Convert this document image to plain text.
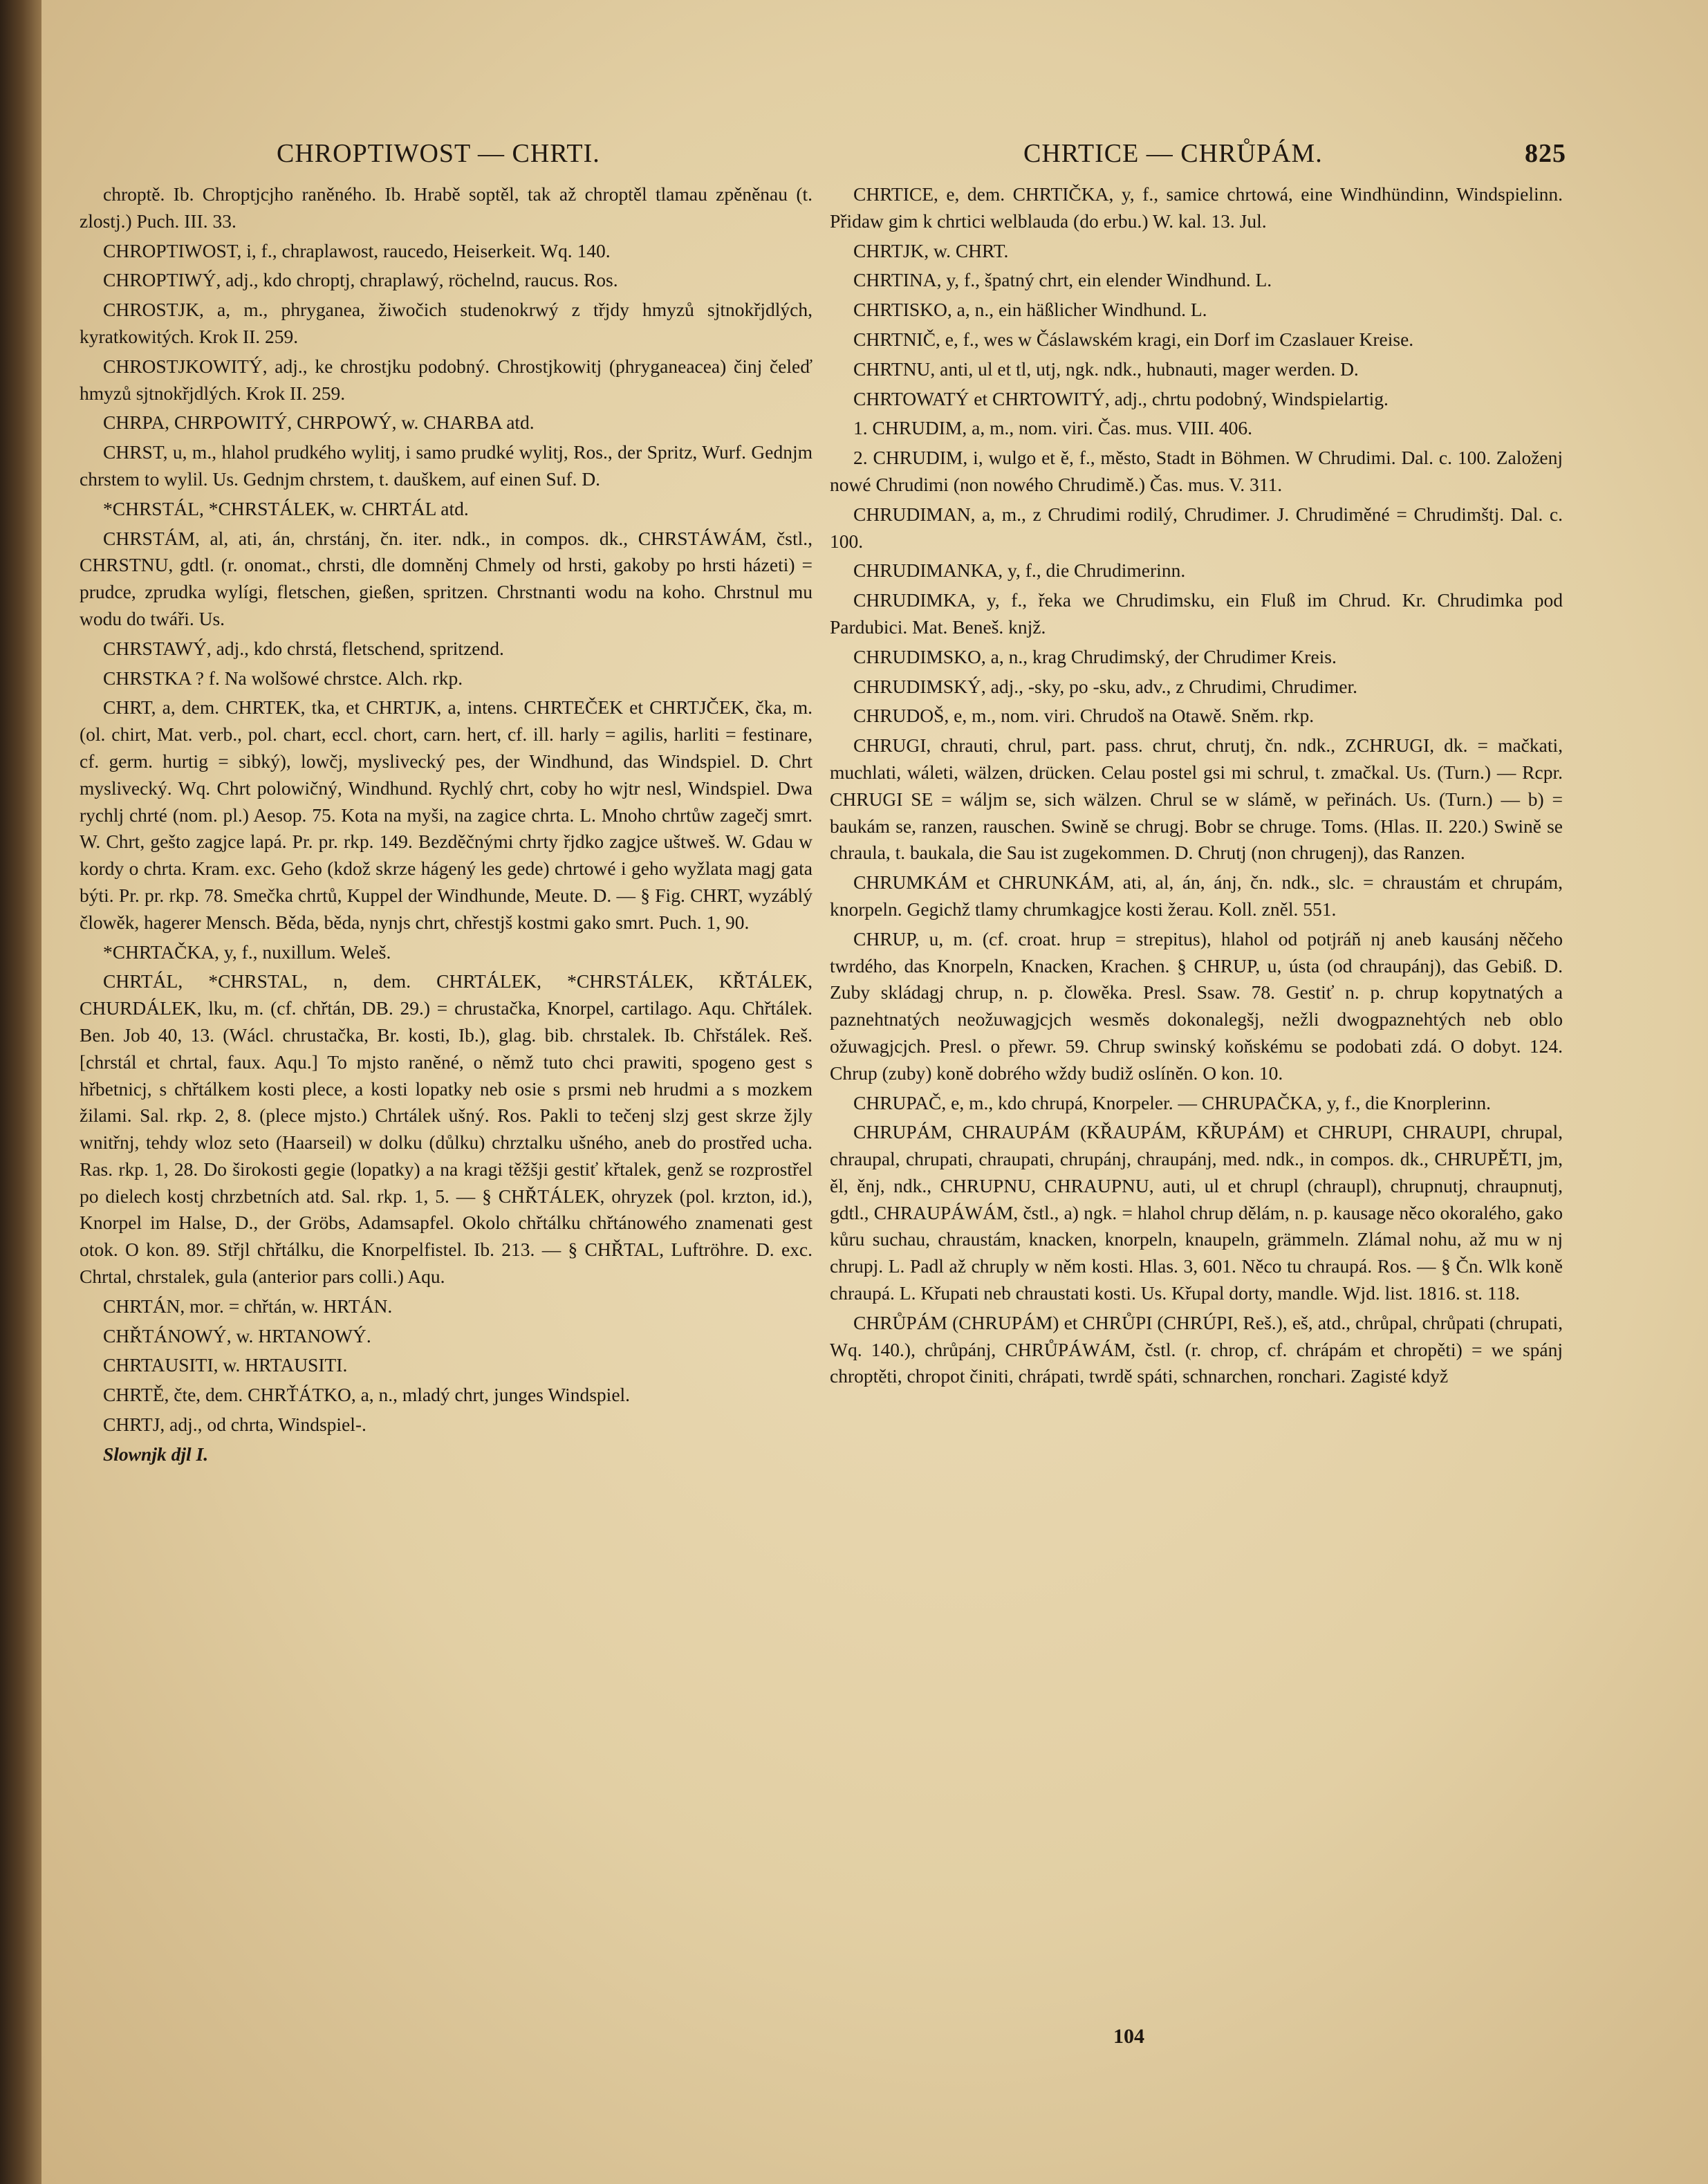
CHROPTIWOST — CHRTI.	CHRTICE — CHRŮPÁM.	825

chroptě. Ib. Chroptjcjho raněného. Ib. Hrabě soptěl, tak až chroptěl tlamau zpěněnau (t. zlostj.) Puch. III. 33.

CHROPTIWOST, i, f., chraplawost, raucedo, Heiserkeit. Wq. 140.

CHROPTIWÝ, adj., kdo chroptj, chraplawý, röchelnd, raucus. Ros.

CHROSTJK, a, m., phryganea, žiwočich studenokrwý z třjdy hmyzů sjtnokřjdlých, kyratkowitých. Krok II. 259.

CHROSTJKOWITÝ, adj., ke chrostjku podobný. Chrostjkowitj (phryganeacea) činj čeleď hmyzů sjtnokřjdlých. Krok II. 259.

CHRPA, CHRPOWITÝ, CHRPOWÝ, w. CHARBA atd.

CHRST, u, m., hlahol prudkého wylitj, i samo prudké wylitj, Ros., der Spritz, Wurf. Gednjm chrstem to wylil. Us. Gednjm chrstem, t. dauškem, auf einen Suf. D.

*CHRSTÁL, *CHRSTÁLEK, w. CHRTÁL atd.

CHRSTÁM, al, ati, án, chrstánj, čn. iter. ndk., in compos. dk., CHRSTÁWÁM, čstl., CHRSTNU, gdtl. (r. onomat., chrsti, dle domněnj Chmely od hrsti, gakoby po hrsti házeti) = prudce, zprudka wylígi, fletschen, gießen, spritzen. Chrstnanti wodu na koho. Chrstnul mu wodu do twáři. Us.

CHRSTAWÝ, adj., kdo chrstá, fletschend, spritzend.

CHRSTKA ? f. Na wolšowé chrstce. Alch. rkp.

CHRT, a, dem. CHRTEK, tka, et CHRTJK, a, intens. CHRTEČEK et CHRTJČEK, čka, m. (ol. chirt, Mat. verb., pol. chart, eccl. chort, carn. hert, cf. ill. harly = agilis, harliti = festinare, cf. germ. hurtig = sibký), lowčj, myslivecký pes, der Windhund, das Windspiel. D. Chrt myslivecký. Wq. Chrt polowičný, Windhund. Rychlý chrt, coby ho wjtr nesl, Windspiel. Dwa rychlj chrté (nom. pl.) Aesop. 75. Kota na myši, na zagice chrta. L. Mnoho chrtůw zagečj smrt. W. Chrt, gešto zagjce lapá. Pr. pr. rkp. 149. Bezděčnými chrty řjdko zagjce uštweš. W. Gdau w kordy o chrta. Kram. exc. Geho (kdož skrze hágený les gede) chrtowé i geho wyžlata magj gata býti. Pr. pr. rkp. 78. Smečka chrtů, Kuppel der Windhunde, Meute. D. — § Fig. CHRT, wyzáblý člowěk, hagerer Mensch. Běda, běda, nynjs chrt, chřestjš kostmi gako smrt. Puch. 1, 90.

*CHRTAČKA, y, f., nuxillum. Weleš.

CHRTÁL, *CHRSTAL, n, dem. CHRTÁLEK, *CHRSTÁLEK, KŘTÁLEK, CHURDÁLEK, lku, m. (cf. chřtán, DB. 29.) = chrustačka, Knorpel, cartilago. Aqu. Chřtálek. Ben. Job 40, 13. (Wácl. chrustačka, Br. kosti, Ib.), glag. bib. chrstalek. Ib. Chřstálek. Reš. [chrstál et chrtal, faux. Aqu.] To mjsto raněné, o němž tuto chci prawiti, spogeno gest s hřbetnicj, s chřtálkem kosti plece, a kosti lopatky neb osie s prsmi neb hrudmi a s mozkem žilami. Sal. rkp. 2, 8. (plece mjsto.) Chrtálek ušný. Ros. Pakli to tečenj slzj gest skrze žjly wnitřnj, tehdy wloz seto (Haarseil) w dolku (důlku) chrztalku ušného, aneb do prostřed ucha. Ras. rkp. 1, 28. Do širokosti gegie (lopatky) a na kragi těžšji gestiť křtalek, genž se rozprostřel po dielech kostj chrzbetních atd. Sal. rkp. 1, 5. — § CHŘTÁLEK, ohryzek (pol. krzton, id.), Knorpel im Halse, D., der Gröbs, Adamsapfel. Okolo chřtálku chřtánowého znamenati gest otok. O kon. 89. Střjl chřtálku, die Knorpelfistel. Ib. 213. — § CHŘTAL, Luftröhre. D. exc. Chrtal, chrstalek, gula (anterior pars colli.) Aqu.

CHRTÁN, mor. = chřtán, w. HRTÁN.

CHŘTÁNOWÝ, w. HRTANOWÝ.

CHRTAUSITI, w. HRTAUSITI.

CHRTĚ, čte, dem. CHRŤÁTKO, a, n., mladý chrt, junges Windspiel.

CHRTJ, adj., od chrta, Windspiel-.

Slownjk djl I.

CHRTICE, e, dem. CHRTIČKA, y, f., samice chrtowá, eine Windhündinn, Windspielinn. Přidaw gim k chrtici welblauda (do erbu.) W. kal. 13. Jul.

CHRTJK, w. CHRT.

CHRTINA, y, f., špatný chrt, ein elender Windhund. L.

CHRTISKO, a, n., ein häßlicher Windhund. L.

CHRTNIČ, e, f., wes w Čáslawském kragi, ein Dorf im Czaslauer Kreise.

CHRTNU, anti, ul et tl, utj, ngk. ndk., hubnauti, mager werden. D.

CHRTOWATÝ et CHRTOWITÝ, adj., chrtu podobný, Windspielartig.

1. CHRUDIM, a, m., nom. viri. Čas. mus. VIII. 406.

2. CHRUDIM, i, wulgo et ě, f., město, Stadt in Böhmen. W Chrudimi. Dal. c. 100. Založenj nowé Chrudimi (non nowého Chrudimě.) Čas. mus. V. 311.

CHRUDIMAN, a, m., z Chrudimi rodilý, Chrudimer. J. Chrudiměné = Chrudimštj. Dal. c. 100.

CHRUDIMANKA, y, f., die Chrudimerinn.

CHRUDIMKA, y, f., řeka we Chrudimsku, ein Fluß im Chrud. Kr. Chrudimka pod Pardubici. Mat. Beneš. knjž.

CHRUDIMSKO, a, n., krag Chrudimský, der Chrudimer Kreis.

CHRUDIMSKÝ, adj., -sky, po -sku, adv., z Chrudimi, Chrudimer.

CHRUDOŠ, e, m., nom. viri. Chrudoš na Otawě. Sněm. rkp.

CHRUGI, chrauti, chrul, part. pass. chrut, chrutj, čn. ndk., ZCHRUGI, dk. = mačkati, muchlati, wáleti, wälzen, drücken. Celau postel gsi mi schrul, t. zmačkal. Us. (Turn.) — Rcpr. CHRUGI SE = wáljm se, sich wälzen. Chrul se w slámě, w peřinách. Us. (Turn.) — b) = baukám se, ranzen, rauschen. Swině se chrugj. Bobr se chruge. Toms. (Hlas. II. 220.) Swině se chraula, t. baukala, die Sau ist zugekommen. D. Chrutj (non chrugenj), das Ranzen.

CHRUMKÁM et CHRUNKÁM, ati, al, án, ánj, čn. ndk., slc. = chraustám et chrupám, knorpeln. Gegichž tlamy chrumkagjce kosti žerau. Koll. zněl. 551.

CHRUP, u, m. (cf. croat. hrup = strepitus), hlahol od potjráň nj aneb kausánj něčeho twrdého, das Knorpeln, Knacken, Krachen. § CHRUP, u, ústa (od chraupánj), das Gebiß. D. Zuby skládagj chrup, n. p. člowěka. Presl. Ssaw. 78. Gestiť n. p. chrup kopytnatých a paznehtnatých neožuwagjcjch wesměs dokonalegšj, nežli dwogpaznehtých neb oblo ožuwagjcjch. Presl. o přewr. 59. Chrup swinský koňskému se podobati zdá. O dobyt. 124. Chrup (zuby) koně dobrého wždy budiž oslíněn. O kon. 10.

CHRUPAČ, e, m., kdo chrupá, Knorpeler. — CHRUPAČKA, y, f., die Knorplerinn.

CHRUPÁM, CHRAUPÁM (KŘAUPÁM, KŘUPÁM) et CHRUPI, CHRAUPI, chrupal, chraupal, chrupati, chraupati, chrupánj, chraupánj, med. ndk., in compos. dk., CHRUPĚTI, jm, ěl, ěnj, ndk., CHRUPNU, CHRAUPNU, auti, ul et chrupl (chraupl), chrupnutj, chraupnutj, gdtl., CHRAUPÁWÁM, čstl., a) ngk. = hlahol chrup dělám, n. p. kausage něco okoralého, gako kůru suchau, chraustám, knacken, knorpeln, knaupeln, grämmeln. Zlámal nohu, až mu w nj chrupj. L. Padl až chruply w něm kosti. Hlas. 3, 601. Něco tu chraupá. Ros. — § Čn. Wlk koně chraupá. L. Křupati neb chraustati kosti. Us. Křupal dorty, mandle. Wjd. list. 1816. st. 118.

CHRŮPÁM (CHRUPÁM) et CHRŮPI (CHRÚPI, Reš.), eš, atd., chrůpal, chrůpati (chrupati, Wq. 140.), chrůpánj, CHRŮPÁWÁM, čstl. (r. chrop, cf. chrápám et chropěti) = we spánj chroptěti, chropot činiti, chrápati, twrdě spáti, schnarchen, ronchari. Zagisté když

104
